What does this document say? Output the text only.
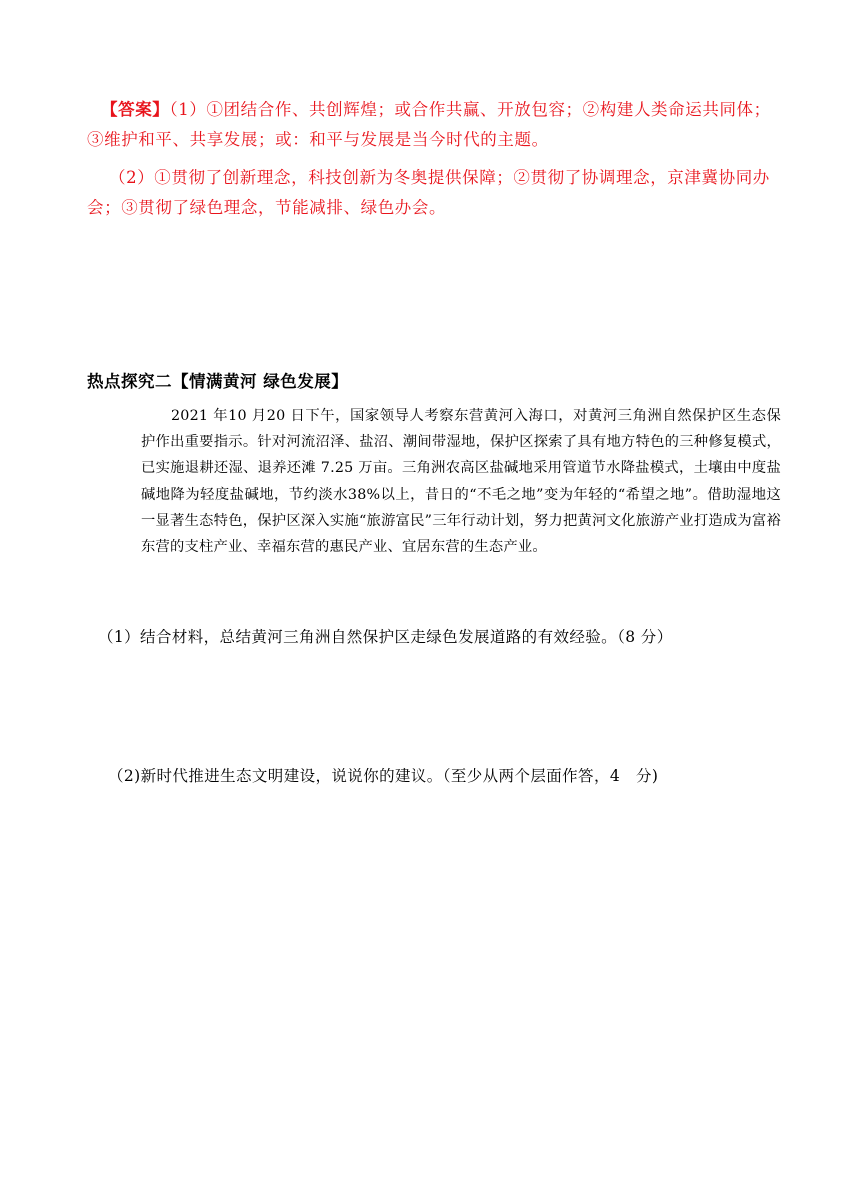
【答案】（1）①团结合作、共创辉煌；或合作共赢、开放包容；②构建人类命运共同体；③维护和平、共享发展；或：和平与发展是当今时代的主题。

（2）①贯彻了创新理念，科技创新为冬奥提供保障；②贯彻了协调理念，京津冀协同办会；③贯彻了绿色理念，节能减排、绿色办会。

热点探究二【情满黄河 绿色发展】

2021 年10 月20 日下午，国家领导人考察东营黄河入海口，对黄河三角洲自然保护区生态保护作出重要指示。针对河流沼泽、盐沼、潮间带湿地，保护区探索了具有地方特色的三种修复模式，已实施退耕还湿、退养还滩 7.25 万亩。三角洲农高区盐碱地采用管道节水降盐模式，土壤由中度盐碱地降为轻度盐碱地，节约淡水38%以上，昔日的“不毛之地”变为年轻的“希望之地”。借助湿地这一显著生态特色，保护区深入实施“旅游富民”三年行动计划，努力把黄河文化旅游产业打造成为富裕东营的支柱产业、幸福东营的惠民产业、宜居东营的生态产业。

（1）结合材料，总结黄河三角洲自然保护区走绿色发展道路的有效经验。（8 分）

（2)新时代推进生态文明建设，说说你的建议。（至少从两个层面作答，4　分)
